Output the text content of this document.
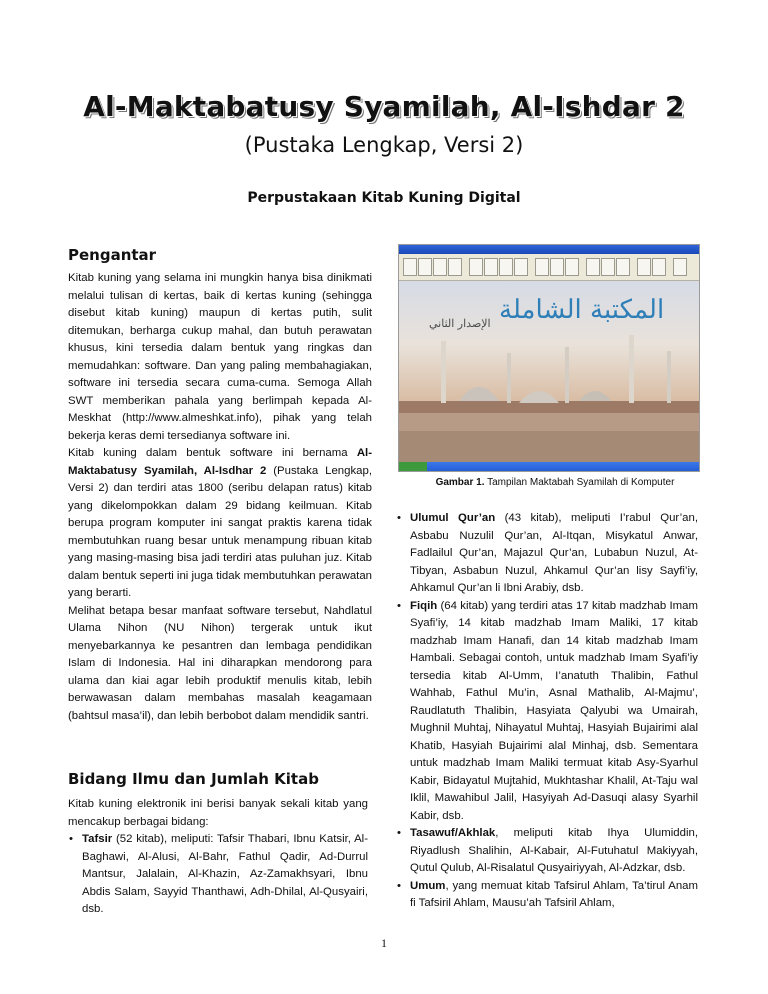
Al-Maktabatusy Syamilah, Al-Ishdar 2
(Pustaka Lengkap, Versi 2)
Perpustakaan Kitab Kuning Digital
Pengantar

Kitab kuning yang selama ini mungkin hanya bisa dinikmati melalui tulisan di kertas, baik di kertas kuning (sehingga disebut kitab kuning) maupun di kertas putih, sulit ditemukan, berharga cukup mahal, dan butuh perawatan khusus, kini tersedia dalam bentuk yang ringkas dan memudahkan: software. Dan yang paling membahagiakan, software ini tersedia secara cuma-cuma. Semoga Allah SWT memberikan pahala yang berlimpah kepada Al-Meskhat (http://www.almeshkat.info), pihak yang telah bekerja keras demi tersedianya software ini.

Kitab kuning dalam bentuk software ini bernama Al-Maktabatusy Syamilah, Al-Isdhar 2 (Pustaka Lengkap, Versi 2) dan terdiri atas 1800 (seribu delapan ratus) kitab yang dikelompokkan dalam 29 bidang keilmuan. Kitab berupa program komputer ini sangat praktis karena tidak membutuhkan ruang besar untuk menampung ribuan kitab yang masing-masing bisa jadi terdiri atas puluhan juz. Kitab dalam bentuk seperti ini juga tidak membutuhkan perawatan yang berarti.

Melihat betapa besar manfaat software tersebut, Nahdlatul Ulama Nihon (NU Nihon) tergerak untuk ikut menyebarkannya ke pesantren dan lembaga pendidikan Islam di Indonesia. Hal ini diharapkan mendorong para ulama dan kiai agar lebih produktif menulis kitab, lebih berwawasan dalam membahas masalah keagamaan (bahtsul masa’il), dan lebih berbobot dalam mendidik santri.

Bidang Ilmu dan Jumlah Kitab

Kitab kuning elektronik ini berisi banyak sekali kitab yang mencakup berbagai bidang:

• Tafsir (52 kitab), meliputi: Tafsir Thabari, Ibnu Katsir, Al-Baghawi, Al-Alusi, Al-Bahr, Fathul Qadir, Ad-Durrul Mantsur, Jalalain, Al-Khazin, Az-Zamakhsyari, Ibnu Abdis Salam, Sayyid Thanthawi, Adh-Dhilal, Al-Qusyairi, dsb.
المكتبة الشاملة
الإصدار الثاني
Gambar 1. Tampilan Maktabah Syamilah di Komputer
• Ulumul Qur’an (43 kitab), meliputi I’rabul Qur’an, Asbabu Nuzulil Qur’an, Al-Itqan, Misykatul Anwar, Fadlailul Qur’an, Majazul Qur’an, Lubabun Nuzul, At-Tibyan, Asbabun Nuzul, Ahkamul Qur’an lisy Sayfi’iy, Ahkamul Qur’an li Ibni Arabiy, dsb.
• Fiqih (64 kitab) yang terdiri atas 17 kitab madzhab Imam Syafi’iy, 14 kitab madzhab Imam Maliki, 17 kitab madzhab Imam Hanafi, dan 14 kitab madzhab Imam Hambali. Sebagai contoh, untuk madzhab Imam Syafi’iy tersedia kitab Al-Umm, I’anatuth Thalibin, Fathul Wahhab, Fathul Mu’in, Asnal Mathalib, Al-Majmu’, Raudlatuth Thalibin, Hasyiata Qalyubi wa Umairah, Mughnil Muhtaj, Nihayatul Muhtaj, Hasyiah Bujairimi alal Khatib, Hasyiah Bujairimi alal Minhaj, dsb. Sementara untuk madzhab Imam Maliki termuat kitab Asy-Syarhul Kabir, Bidayatul Mujtahid, Mukhtashar Khalil, At-Taju wal Iklil, Mawahibul Jalil, Hasyiyah Ad-Dasuqi alasy Syarhil Kabir, dsb.
• Tasawuf/Akhlak, meliputi kitab Ihya Ulumiddin, Riyadlush Shalihin, Al-Kabair, Al-Futuhatul Makiyyah, Qutul Qulub, Al-Risalatul Qusyairiyyah, Al-Adzkar, dsb.
• Umum, yang memuat kitab Tafsirul Ahlam, Ta’tirul Anam fi Tafsiril Ahlam, Mausu’ah Tafsiril Ahlam,
1
